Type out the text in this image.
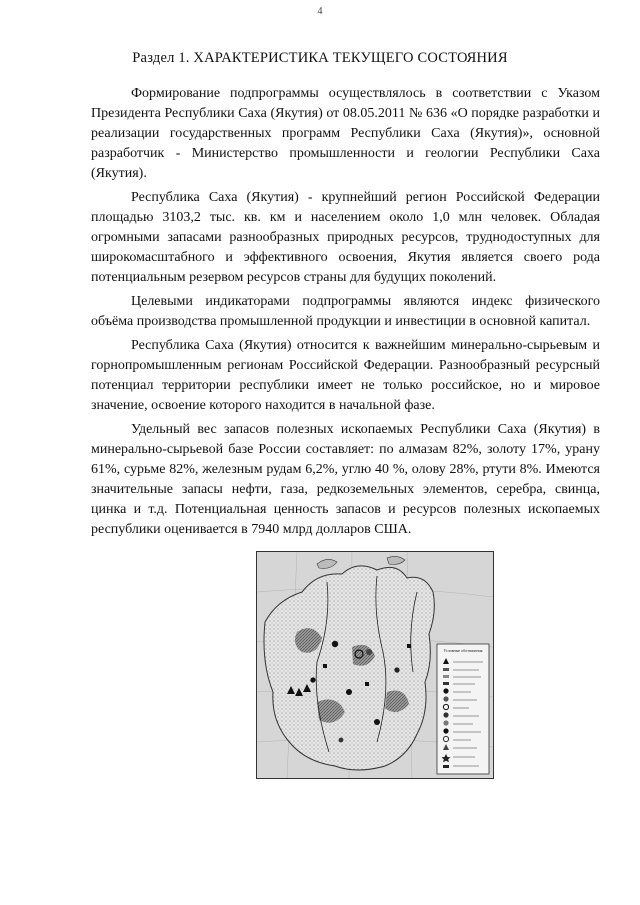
4
Раздел 1. ХАРАКТЕРИСТИКА ТЕКУЩЕГО СОСТОЯНИЯ

Формирование подпрограммы осуществлялось в соответствии с Указом Президента Республики Саха (Якутия) от 08.05.2011 № 636 «О порядке разработки и реализации государственных программ Республики Саха (Якутия)», основной разработчик - Министерство промышленности и геологии Республики Саха (Якутия).

Республика Саха (Якутия) - крупнейший регион Российской Федерации площадью 3103,2 тыс. кв. км и населением около 1,0 млн человек. Обладая огромными запасами разнообразных природных ресурсов, труднодоступных для широкомасштабного и эффективного освоения, Якутия является своего рода потенциальным резервом ресурсов страны для будущих поколений.

Целевыми индикаторами подпрограммы являются индекс физического объёма производства промышленной продукции и инвестиции в основной капитал.

Республика Саха (Якутия) относится к важнейшим минерально-сырьевым и горнопромышленным регионам Российской Федерации. Разнообразный ресурсный потенциал территории республики имеет не только российское, но и мировое значение, освоение которого находится в начальной фазе.

Удельный вес запасов полезных ископаемых Республики Саха (Якутия) в минерально-сырьевой базе России составляет: по алмазам 82%, золоту 17%, урану 61%, сурьме 82%, железным рудам 6,2%, углю 40 %, олову 28%, ртути 8%. Имеются значительные запасы нефти, газа, редкоземельных элементов, серебра, свинца, цинка и т.д. Потенциальная ценность запасов и ресурсов полезных ископаемых республики оценивается в 7940 млрд долларов США.

Условные обозначения
